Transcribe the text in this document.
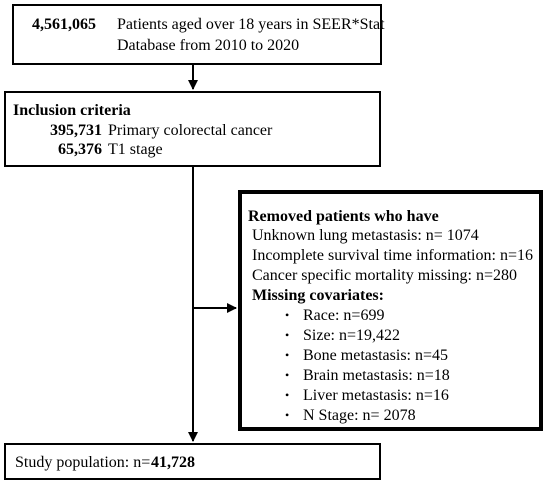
4,561,065 Patients aged over 18 years in SEER*Stat
Database from 2010 to 2020
Inclusion criteria
395,731 Primary colorectal cancer
65,376 T1 stage
Removed patients who have
Unknown lung metastasis: n= 1074
Incomplete survival time information: n=16
Cancer specific mortality missing: n=280
Missing covariates:
• Race: n=699
• Size: n=19,422
• Bone metastasis: n=45
• Brain metastasis: n=18
• Liver metastasis: n=16
• N Stage: n= 2078
Study population: n= 41,728
